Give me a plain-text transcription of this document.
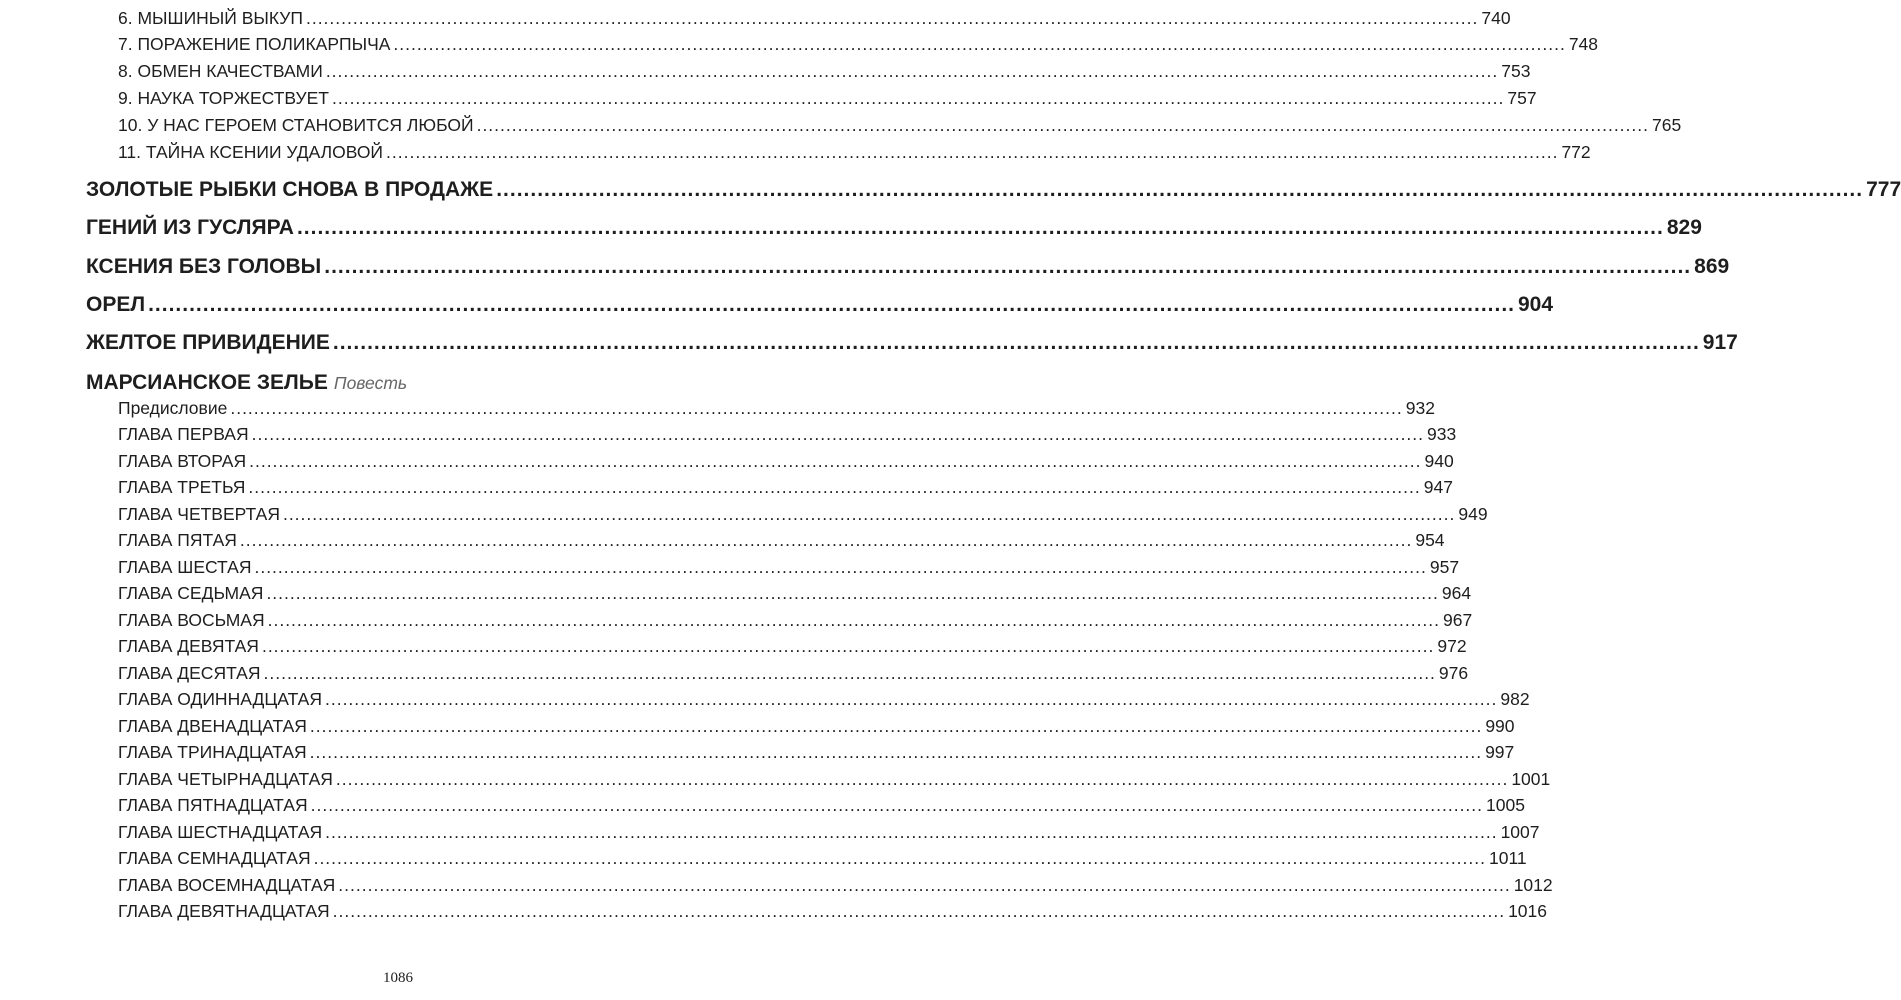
6. МЫШИНЫЙ ВЫКУП ........................................................................................................................................................................................................ 740
7. ПОРАЖЕНИЕ ПОЛИКАРПЫЧА ........................................................................................................................................................................................................ 748
8. ОБМЕН КАЧЕСТВАМИ ........................................................................................................................................................................................................ 753
9. НАУКА ТОРЖЕСТВУЕТ ........................................................................................................................................................................................................ 757
10. У НАС ГЕРОЕМ СТАНОВИТСЯ ЛЮБОЙ ........................................................................................................................................................................................................ 765
11. ТАЙНА КСЕНИИ УДАЛОВОЙ ........................................................................................................................................................................................................ 772
ЗОЛОТЫЕ РЫБКИ СНОВА В ПРОДАЖЕ ........................................................................................................................................................................................................ 777
ГЕНИЙ ИЗ ГУСЛЯРА ........................................................................................................................................................................................................ 829
КСЕНИЯ БЕЗ ГОЛОВЫ ........................................................................................................................................................................................................ 869
ОРЕЛ ........................................................................................................................................................................................................ 904
ЖЕЛТОЕ ПРИВИДЕНИЕ ........................................................................................................................................................................................................ 917
МАРСИАНСКОЕ ЗЕЛЬЕ Повесть
Предисловие ........................................................................................................................................................................................................ 932
ГЛАВА ПЕРВАЯ ........................................................................................................................................................................................................ 933
ГЛАВА ВТОРАЯ ........................................................................................................................................................................................................ 940
ГЛАВА ТРЕТЬЯ ........................................................................................................................................................................................................ 947
ГЛАВА ЧЕТВЕРТАЯ ........................................................................................................................................................................................................ 949
ГЛАВА ПЯТАЯ ........................................................................................................................................................................................................ 954
ГЛАВА ШЕСТАЯ ........................................................................................................................................................................................................ 957
ГЛАВА СЕДЬМАЯ ........................................................................................................................................................................................................ 964
ГЛАВА ВОСЬМАЯ ........................................................................................................................................................................................................ 967
ГЛАВА ДЕВЯТАЯ ........................................................................................................................................................................................................ 972
ГЛАВА ДЕСЯТАЯ ........................................................................................................................................................................................................ 976
ГЛАВА ОДИННАДЦАТАЯ ........................................................................................................................................................................................................ 982
ГЛАВА ДВЕНАДЦАТАЯ ........................................................................................................................................................................................................ 990
ГЛАВА ТРИНАДЦАТАЯ ........................................................................................................................................................................................................ 997
ГЛАВА ЧЕТЫРНАДЦАТАЯ ........................................................................................................................................................................................................ 1001
ГЛАВА ПЯТНАДЦАТАЯ ........................................................................................................................................................................................................ 1005
ГЛАВА ШЕСТНАДЦАТАЯ ........................................................................................................................................................................................................ 1007
ГЛАВА СЕМНАДЦАТАЯ ........................................................................................................................................................................................................ 1011
ГЛАВА ВОСЕМНАДЦАТАЯ ........................................................................................................................................................................................................ 1012
ГЛАВА ДЕВЯТНАДЦАТАЯ ........................................................................................................................................................................................................ 1016
1086
